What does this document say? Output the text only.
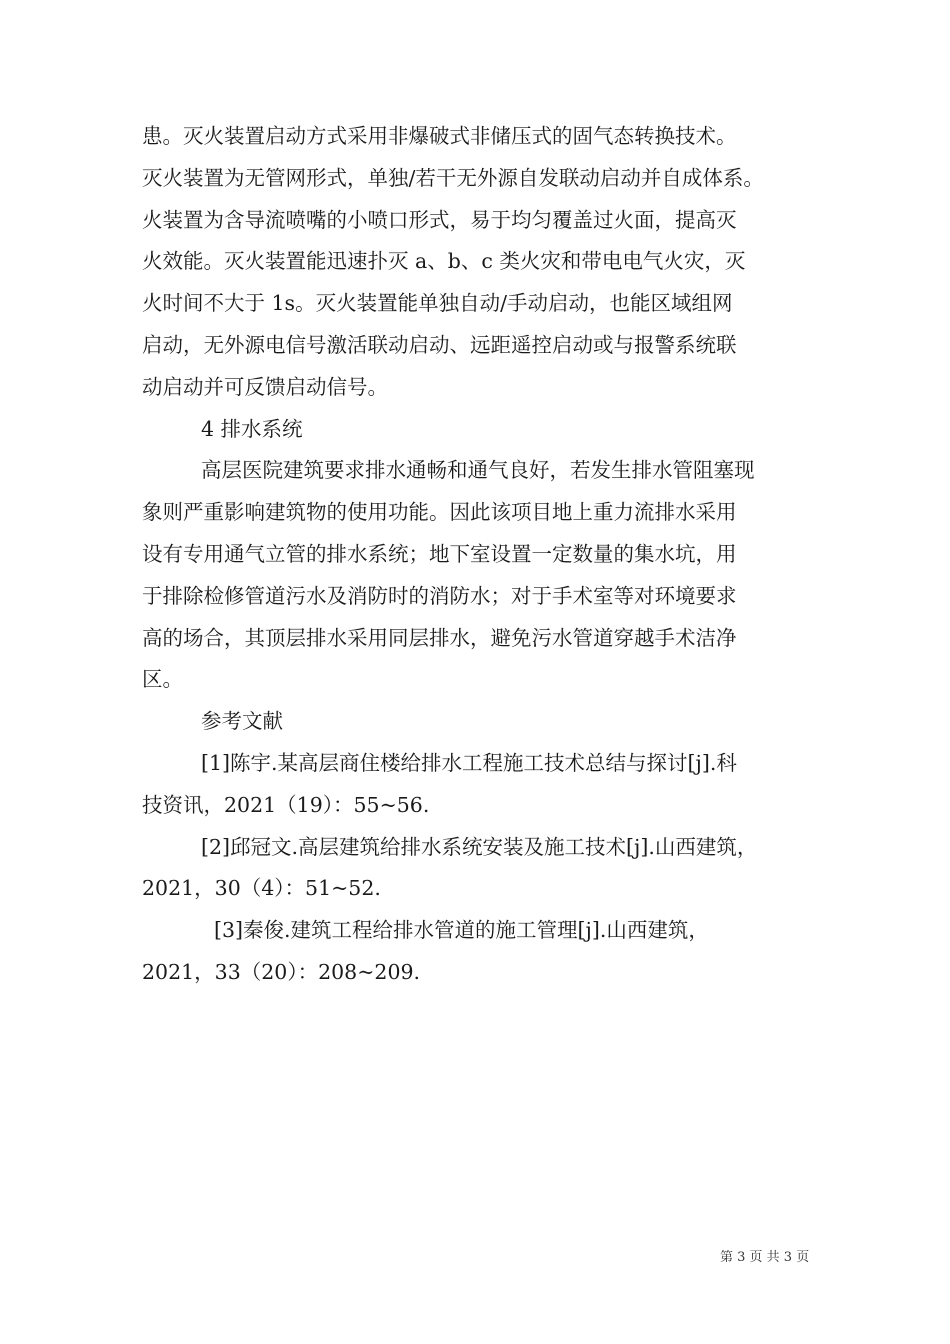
患。灭火装置启动方式采用非爆破式非储压式的固气态转换技术。
灭火装置为无管网形式，单独/若干无外源自发联动启动并自成体系。
火装置为含导流喷嘴的小喷口形式，易于均匀覆盖过火面，提高灭
火效能。灭火装置能迅速扑灭 a、b、c 类火灾和带电电气火灾，灭
火时间不大于 1s。灭火装置能单独自动/手动启动，也能区域组网
启动，无外源电信号激活联动启动、远距遥控启动或与报警系统联
动启动并可反馈启动信号。
4 排水系统
高层医院建筑要求排水通畅和通气良好，若发生排水管阻塞现
象则严重影响建筑物的使用功能。因此该项目地上重力流排水采用
设有专用通气立管的排水系统；地下室设置一定数量的集水坑，用
于排除检修管道污水及消防时的消防水；对于手术室等对环境要求
高的场合，其顶层排水采用同层排水，避免污水管道穿越手术洁净
区。
参考文献
[1]陈宇.某高层商住楼给排水工程施工技术总结与探讨[j].科
技资讯，2021（19）：55~56.
[2]邱冠文.高层建筑给排水系统安装及施工技术[j].山西建筑，
2021，30（4）：51~52.
[3]秦俊.建筑工程给排水管道的施工管理[j].山西建筑，
2021，33（20）：208~209.
第 3 页 共 3 页
